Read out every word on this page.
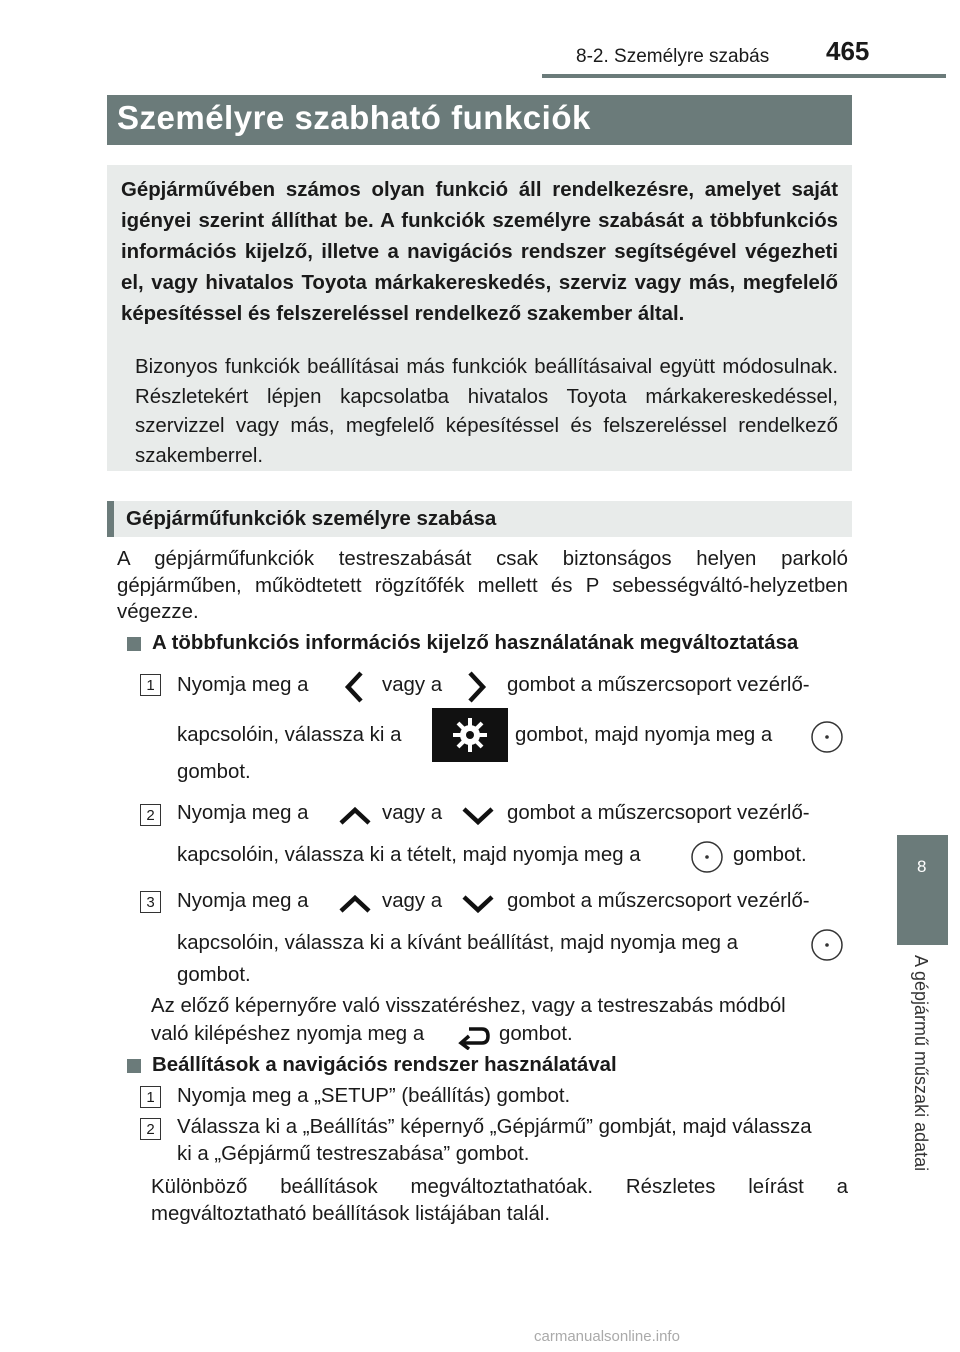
8-2. Személyre szabás 465
Személyre szabható funkciók
Gépjárművében számos olyan funkció áll rendelkezésre, amelyet saját igényei szerint állíthat be. A funkciók személyre szabását a többfunkciós információs kijelző, illetve a navigációs rendszer segítségével végezheti el, vagy hivatalos Toyota márkakereskedés, szerviz vagy más, megfelelő képesítéssel és felszereléssel rendelkező szakember által.
Bizonyos funkciók beállításai más funkciók beállításaival együtt módosulnak. Részletekért lépjen kapcsolatba hivatalos Toyota márkakereskedéssel, szervizzel vagy más, megfelelő képesítéssel és felszereléssel rendelkező szakemberrel.
Gépjárműfunkciók személyre szabása
A gépjárműfunkciók testreszabását csak biztonságos helyen parkoló gépjárműben, működtetett rögzítőfék mellett és P sebességváltó-helyzetben végezze.
A többfunkciós információs kijelző használatának megváltoztatása
1	Nyomja meg a	vagy a	gombot a műszercsoport vezérlő-
kapcsolóin, válassza ki a	gombot, majd nyomja meg a
gombot.
2	Nyomja meg a	vagy a	gombot a műszercsoport vezérlő-
kapcsolóin, válassza ki a tételt, majd nyomja meg a	gombot.
3	Nyomja meg a	vagy a	gombot a műszercsoport vezérlő-
kapcsolóin, válassza ki a kívánt beállítást, majd nyomja meg a
gombot.
Az előző képernyőre való visszatéréshez, vagy a testreszabás módból
való kilépéshez nyomja meg a	gombot.
Beállítások a navigációs rendszer használatával
1	Nyomja meg a „SETUP” (beállítás) gombot.
2	Válassza ki a „Beállítás” képernyő „Gépjármű” gombját, majd válassza
ki a „Gépjármű testreszabása” gombot.
Különböző beállítások megváltoztathatóak. Részletes leírást a megváltoztatható beállítások listájában talál.
8
A gépjármű műszaki adatai
carmanualsonline.info
